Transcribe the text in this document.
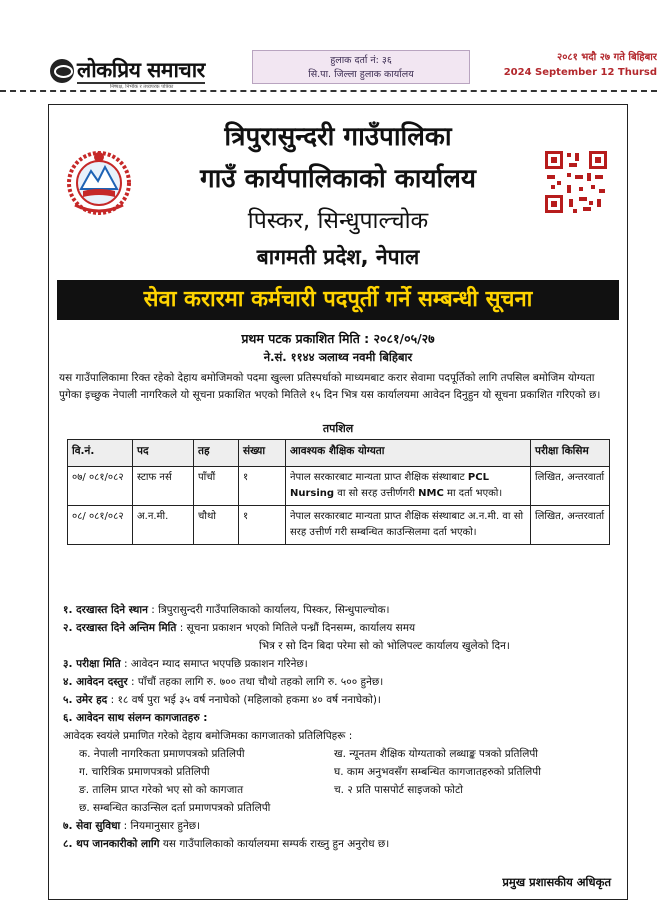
लोकप्रिय समाचार
निष्पक्ष, निर्भीक र तथ्यपरक पत्रिका
हुलाक दर्ता नं: ३६
सि.पा. जिल्ला हुलाक कार्यालय
२०८१ भदौ २७ गते बिहिबार
2024 September 12 Thursd
त्रिपुरासुन्दरी गाउँपालिका
गाउँ कार्यपालिकाको कार्यालय
पिस्कर, सिन्धुपाल्चोक
बागमती प्रदेश, नेपाल
सेवा करारमा कर्मचारी पदपूर्ती गर्ने सम्बन्धी सूचना
प्रथम पटक प्रकाशित मिति : २०८१/०५/२७
ने.सं. ११४४ ञलाथ्व नवमी बिहिबार
यस गाउँपालिकामा रिक्त रहेको देहाय बमोजिमको पदमा खुल्ला प्रतिस्पर्धाको माध्यमबाट करार सेवामा पदपूर्तिको लागि तपसिल बमोजिम योग्यता पुगेका इच्छुक नेपाली नागरिकले यो सूचना प्रकाशित भएको मितिले १५ दिन भित्र यस कार्यालयमा आवेदन दिनुहुन यो सूचना प्रकाशित गरिएको छ।
तपशिल
वि.नं.	पद	तह	संख्या	आवश्यक शैक्षिक योग्यता	परीक्षा किसिम
०७/ ०८१/०८२	स्टाफ नर्स	पाँचौं	१	नेपाल सरकारबाट मान्यता प्राप्त शैक्षिक संस्थाबाट PCL Nursing वा सो सरह उत्तीर्णगरी NMC मा दर्ता भएको।	लिखित, अन्तरवार्ता
०८/ ०८१/०८२	अ.न.मी.	चौथो	१	नेपाल सरकारबाट मान्यता प्राप्त शैक्षिक संस्थाबाट अ.न.मी. वा सो सरह उत्तीर्ण गरी सम्बन्धित काउन्सिलमा दर्ता भएको।	लिखित, अन्तरवार्ता
१. दरखास्त दिने स्थान : त्रिपुरासुन्दरी गाउँपालिकाको कार्यालय, पिस्कर, सिन्धुपाल्चोक।
२. दरखास्त दिने अन्तिम मिति : सूचना प्रकाशन भएको मितिले पन्ध्रौं दिनसम्म, कार्यालय समय
भित्र र सो दिन बिदा परेमा सो को भोलिपल्ट कार्यालय खुलेको दिन।
३. परीक्षा मिति : आवेदन म्याद समाप्त भएपछि प्रकाशन गरिनेछ।
४. आवेदन दस्तुर : पाँचौं तहका लागि रु. ७०० तथा चौथो तहको लागि रु. ५०० हुनेछ।
५. उमेर हद : १८ वर्ष पुरा भई ३५ वर्ष ननाघेको (महिलाको हकमा ४० वर्ष ननाघेको)।
६. आवेदन साथ संलग्न कागजातहरु :
आवेदक स्वयंले प्रमाणित गरेको देहाय बमोजिमका कागजातको प्रतिलिपिहरू :
क. नेपाली नागरिकता प्रमाणपत्रको प्रतिलिपी	ख. न्यूनतम शैक्षिक योग्यताको लब्धाङ्क पत्रको प्रतिलिपी
ग. चारित्रिक प्रमाणपत्रको प्रतिलिपी	घ. काम अनुभवसँग सम्बन्धित कागजातहरुको प्रतिलिपी
ङ. तालिम प्राप्त गरेको भए सो को कागजात	च. २ प्रति पासपोर्ट साइजको फोटो
छ. सम्बन्धित काउन्सिल दर्ता प्रमाणपत्रको प्रतिलिपी
७. सेवा सुविधा : नियमानुसार हुनेछ।
८. थप जानकारीको लागि यस गाउँपालिकाको कार्यालयमा सम्पर्क राख्नु हुन अनुरोध छ।
प्रमुख प्रशासकीय अधिकृत
